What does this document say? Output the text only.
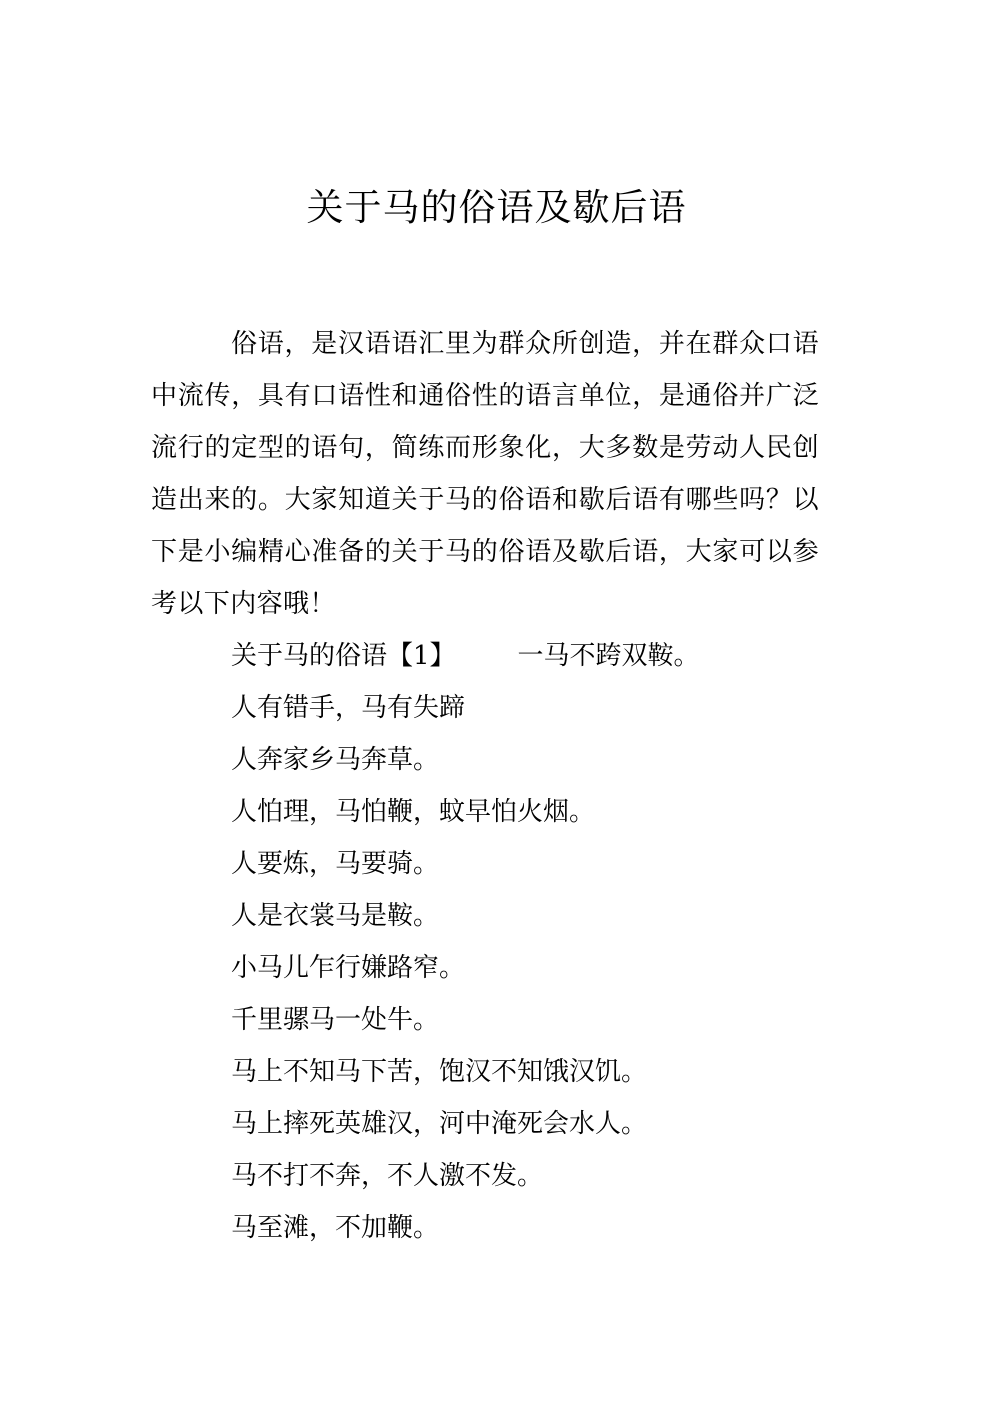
关于马的俗语及歇后语

俗语，是汉语语汇里为群众所创造，并在群众口语中流传，具有口语性和通俗性的语言单位，是通俗并广泛流行的定型的语句，简练而形象化，大多数是劳动人民创造出来的。大家知道关于马的俗语和歇后语有哪些吗？以下是小编精心准备的关于马的俗语及歇后语，大家可以参考以下内容哦！

关于马的俗语【1】 一马不跨双鞍。
人有错手，马有失蹄
人奔家乡马奔草。
人怕理，马怕鞭，蚊早怕火烟。
人要炼，马要骑。
人是衣裳马是鞍。
小马儿乍行嫌路窄。
千里骡马一处牛。
马上不知马下苦，饱汉不知饿汉饥。
马上摔死英雄汉，河中淹死会水人。
马不打不奔，不人激不发。
马至滩，不加鞭。
